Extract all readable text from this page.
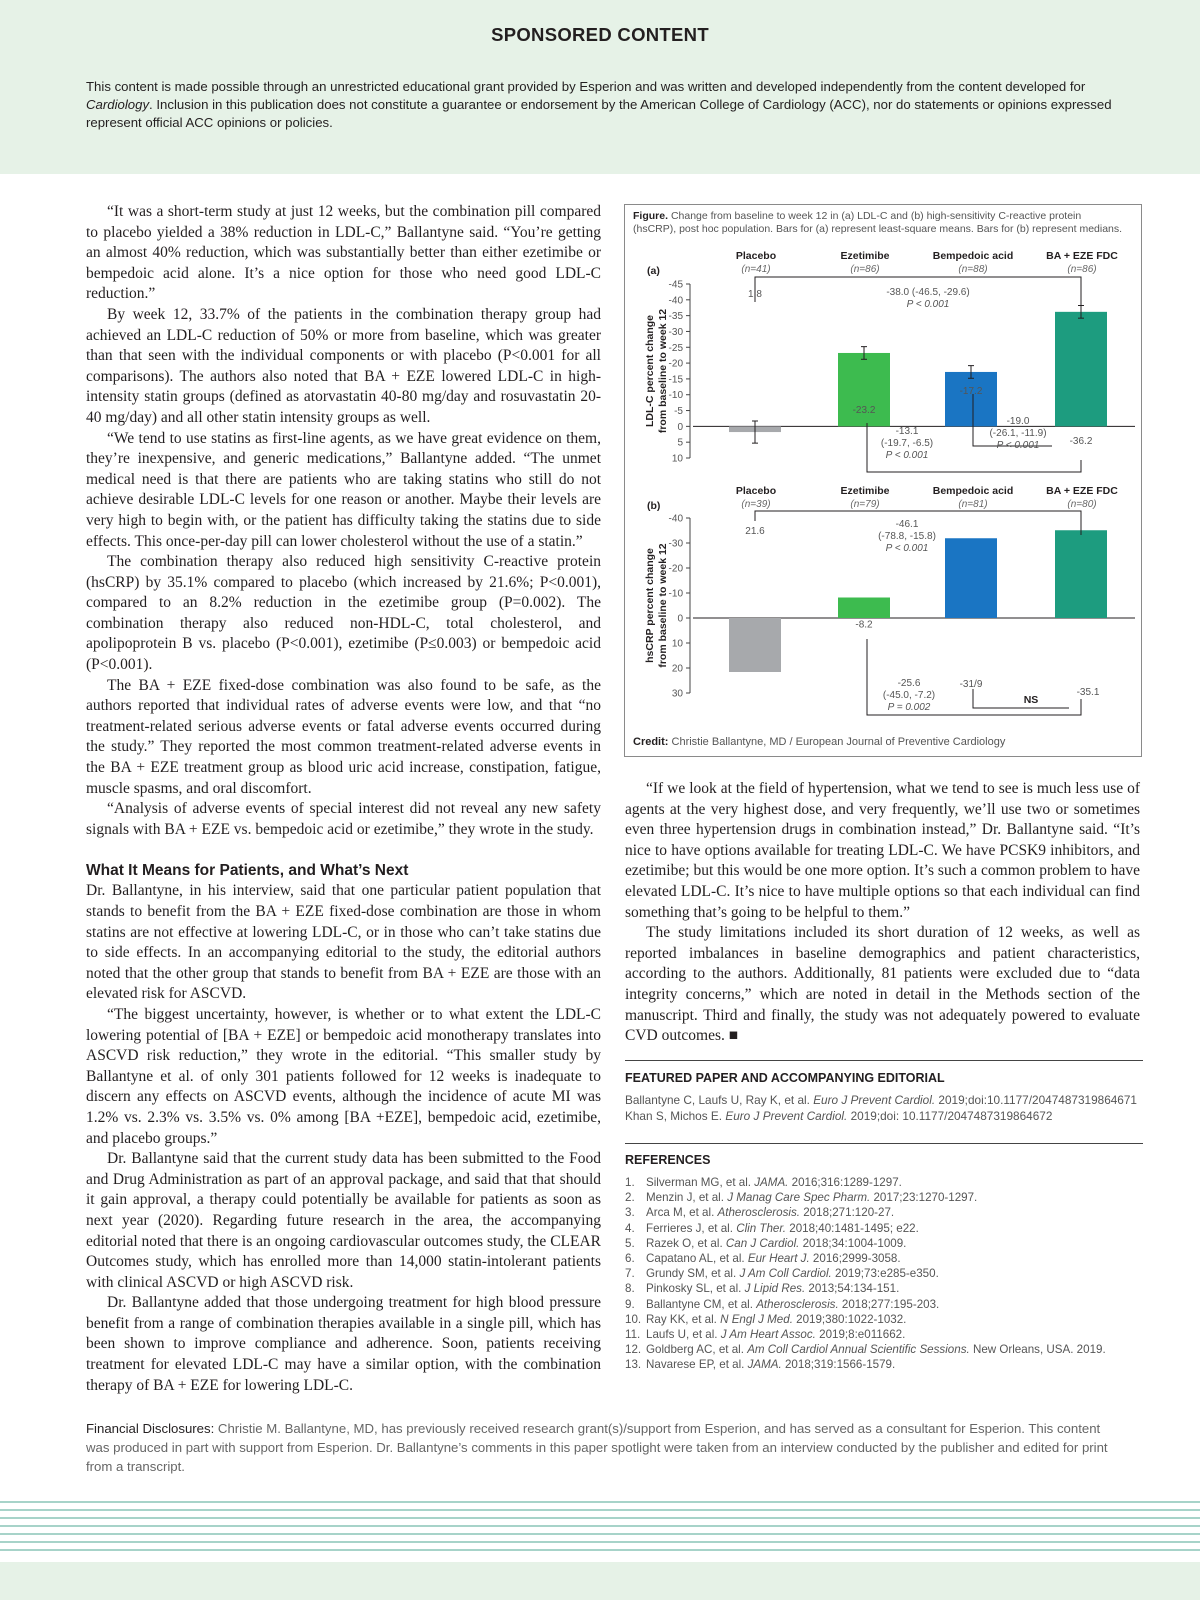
SPONSORED CONTENT

This content is made possible through an unrestricted educational grant provided by Esperion and was written and developed independently from the content developed for Cardiology. Inclusion in this publication does not constitute a guarantee or endorsement by the American College of Cardiology (ACC), nor do statements or opinions expressed represent official ACC opinions or policies.

“It was a short-term study at just 12 weeks, but the combination pill compared to placebo yielded a 38% reduction in LDL-C,” Ballantyne said. “You’re getting an almost 40% reduction, which was substantially better than either ezetimibe or bempedoic acid alone. It’s a nice option for those who need good LDL-C reduction.”

By week 12, 33.7% of the patients in the combination therapy group had achieved an LDL-C reduction of 50% or more from baseline, which was greater than that seen with the individual components or with placebo (P<0.001 for all comparisons). The authors also noted that BA + EZE lowered LDL-C in high-intensity statin groups (defined as atorvastatin 40-80 mg/day and rosuvastatin 20-40 mg/day) and all other statin intensity groups as well.

“We tend to use statins as first-line agents, as we have great evidence on them, they’re inexpensive, and generic medications,” Ballantyne added. “The unmet medical need is that there are patients who are taking statins who still do not achieve desirable LDL-C levels for one reason or another. Maybe their levels are very high to begin with, or the patient has difficulty taking the statins due to side effects. This once-per-day pill can lower cholesterol without the use of a statin.”

The combination therapy also reduced high sensitivity C-reactive protein (hsCRP) by 35.1% compared to placebo (which increased by 21.6%; P<0.001), compared to an 8.2% reduction in the ezetimibe group (P=0.002). The combination therapy also reduced non-HDL-C, total cholesterol, and apolipoprotein B vs. placebo (P<0.001), ezetimibe (P≤0.003) or bempedoic acid (P<0.001).

The BA + EZE fixed-dose combination was also found to be safe, as the authors reported that individual rates of adverse events were low, and that “no treatment-related serious adverse events or fatal adverse events occurred during the study.” They reported the most common treatment-related adverse events in the BA + EZE treatment group as blood uric acid increase, constipation, fatigue, muscle spasms, and oral discomfort.

“Analysis of adverse events of special interest did not reveal any new safety signals with BA + EZE vs. bempedoic acid or ezetimibe,” they wrote in the study.

What It Means for Patients, and What’s Next

Dr. Ballantyne, in his interview, said that one particular patient population that stands to benefit from the BA + EZE fixed-dose combination are those in whom statins are not effective at lowering LDL-C, or in those who can’t take statins due to side effects. In an accompanying editorial to the study, the editorial authors noted that the other group that stands to benefit from BA + EZE are those with an elevated risk for ASCVD.

“The biggest uncertainty, however, is whether or to what extent the LDL-C lowering potential of [BA + EZE] or bempedoic acid monotherapy translates into ASCVD risk reduction,” they wrote in the editorial. “This smaller study by Ballantyne et al. of only 301 patients followed for 12 weeks is inadequate to discern any effects on ASCVD events, although the incidence of acute MI was 1.2% vs. 2.3% vs. 3.5% vs. 0% among [BA +EZE], bempedoic acid, ezetimibe, and placebo groups.”

Dr. Ballantyne said that the current study data has been submitted to the Food and Drug Administration as part of an approval package, and said that that should it gain approval, a therapy could potentially be available for patients as soon as next year (2020). Regarding future research in the area, the accompanying editorial noted that there is an ongoing cardiovascular outcomes study, the CLEAR Outcomes study, which has enrolled more than 14,000 statin-intolerant patients with clinical ASCVD or high ASCVD risk.

Dr. Ballantyne added that those undergoing treatment for high blood pressure benefit from a range of combination therapies available in a single pill, which has been shown to improve compliance and adherence. Soon, patients receiving treatment for elevated LDL-C may have a similar option, with the combination therapy of BA + EZE for lowering LDL-C.

Figure. Change from baseline to week 12 in (a) LDL-C and (b) high-sensitivity C-reactive protein
(hsCRP), post hoc population. Bars for (a) represent least-square means. Bars for (b) represent medians.
(a)
Placebo
(n=41)
Ezetimibe
(n=86)
Bempedoic acid
(n=88)
BA + EZE FDC
(n=86)
10
5
0
-5
-10
-15
-20
-25
-30
-35
-40
-45
LDL-C percent change from baseline to week 12
1.8
-23.2
-17.2
-36.2
-38.0 (-46.5, -29.6)
P < 0.001
-13.1
(-19.7, -6.5)
P < 0.001
-19.0
(-26.1, -11.9)
P < 0.001
(b)
Placebo
(n=39)
Ezetimibe
(n=79)
Bempedoic acid
(n=81)
BA + EZE FDC
(n=80)
30
20
10
0
-10
-20
-30
-40
hsCRP percent change from baseline to week 12
21.6
-8.2
-31/9
-35.1
-46.1
(-78.8, -15.8)
P < 0.001
-25.6
(-45.0, -7.2)
P = 0.002
NS
Credit: Christie Ballantyne, MD / European Journal of Preventive Cardiology

“If we look at the field of hypertension, what we tend to see is much less use of agents at the very highest dose, and very frequently, we’ll use two or sometimes even three hypertension drugs in combination instead,” Dr. Ballantyne said. “It’s nice to have options available for treating LDL-C. We have PCSK9 inhibitors, and ezetimibe; but this would be one more option. It’s such a common problem to have elevated LDL-C. It’s nice to have multiple options so that each individual can find something that’s going to be helpful to them.”

The study limitations included its short duration of 12 weeks, as well as reported imbalances in baseline demographics and patient characteristics, according to the authors. Additionally, 81 patients were excluded due to “data integrity concerns,” which are noted in detail in the Methods section of the manuscript. Third and finally, the study was not adequately powered to evaluate CVD outcomes. ■

FEATURED PAPER AND ACCOMPANYING EDITORIAL

Ballantyne C, Laufs U, Ray K, et al. Euro J Prevent Cardiol. 2019;doi:10.1177/2047487319864671

Khan S, Michos E. Euro J Prevent Cardiol. 2019;doi: 10.1177/2047487319864672

REFERENCES
1. Silverman MG, et al. JAMA. 2016;316:1289-1297.
2. Menzin J, et al. J Manag Care Spec Pharm. 2017;23:1270-1297.
3. Arca M, et al. Atherosclerosis. 2018;271:120-27.
4. Ferrieres J, et al. Clin Ther. 2018;40:1481-1495; e22.
5. Razek O, et al. Can J Cardiol. 2018;34:1004-1009.
6. Capatano AL, et al. Eur Heart J. 2016;2999-3058.
7. Grundy SM, et al. J Am Coll Cardiol. 2019;73:e285-e350.
8. Pinkosky SL, et al. J Lipid Res. 2013;54:134-151.
9. Ballantyne CM, et al. Atherosclerosis. 2018;277:195-203.
10. Ray KK, et al. N Engl J Med. 2019;380:1022-1032.
11. Laufs U, et al. J Am Heart Assoc. 2019;8:e011662.
12. Goldberg AC, et al. Am Coll Cardiol Annual Scientific Sessions. New Orleans, USA. 2019.
13. Navarese EP, et al. JAMA. 2018;319:1566-1579.

Financial Disclosures: Christie M. Ballantyne, MD, has previously received research grant(s)/support from Esperion, and has served as a consultant for Esperion. This content was produced in part with support from Esperion. Dr. Ballantyne’s comments in this paper spotlight were taken from an interview conducted by the publisher and edited for print from a transcript.
